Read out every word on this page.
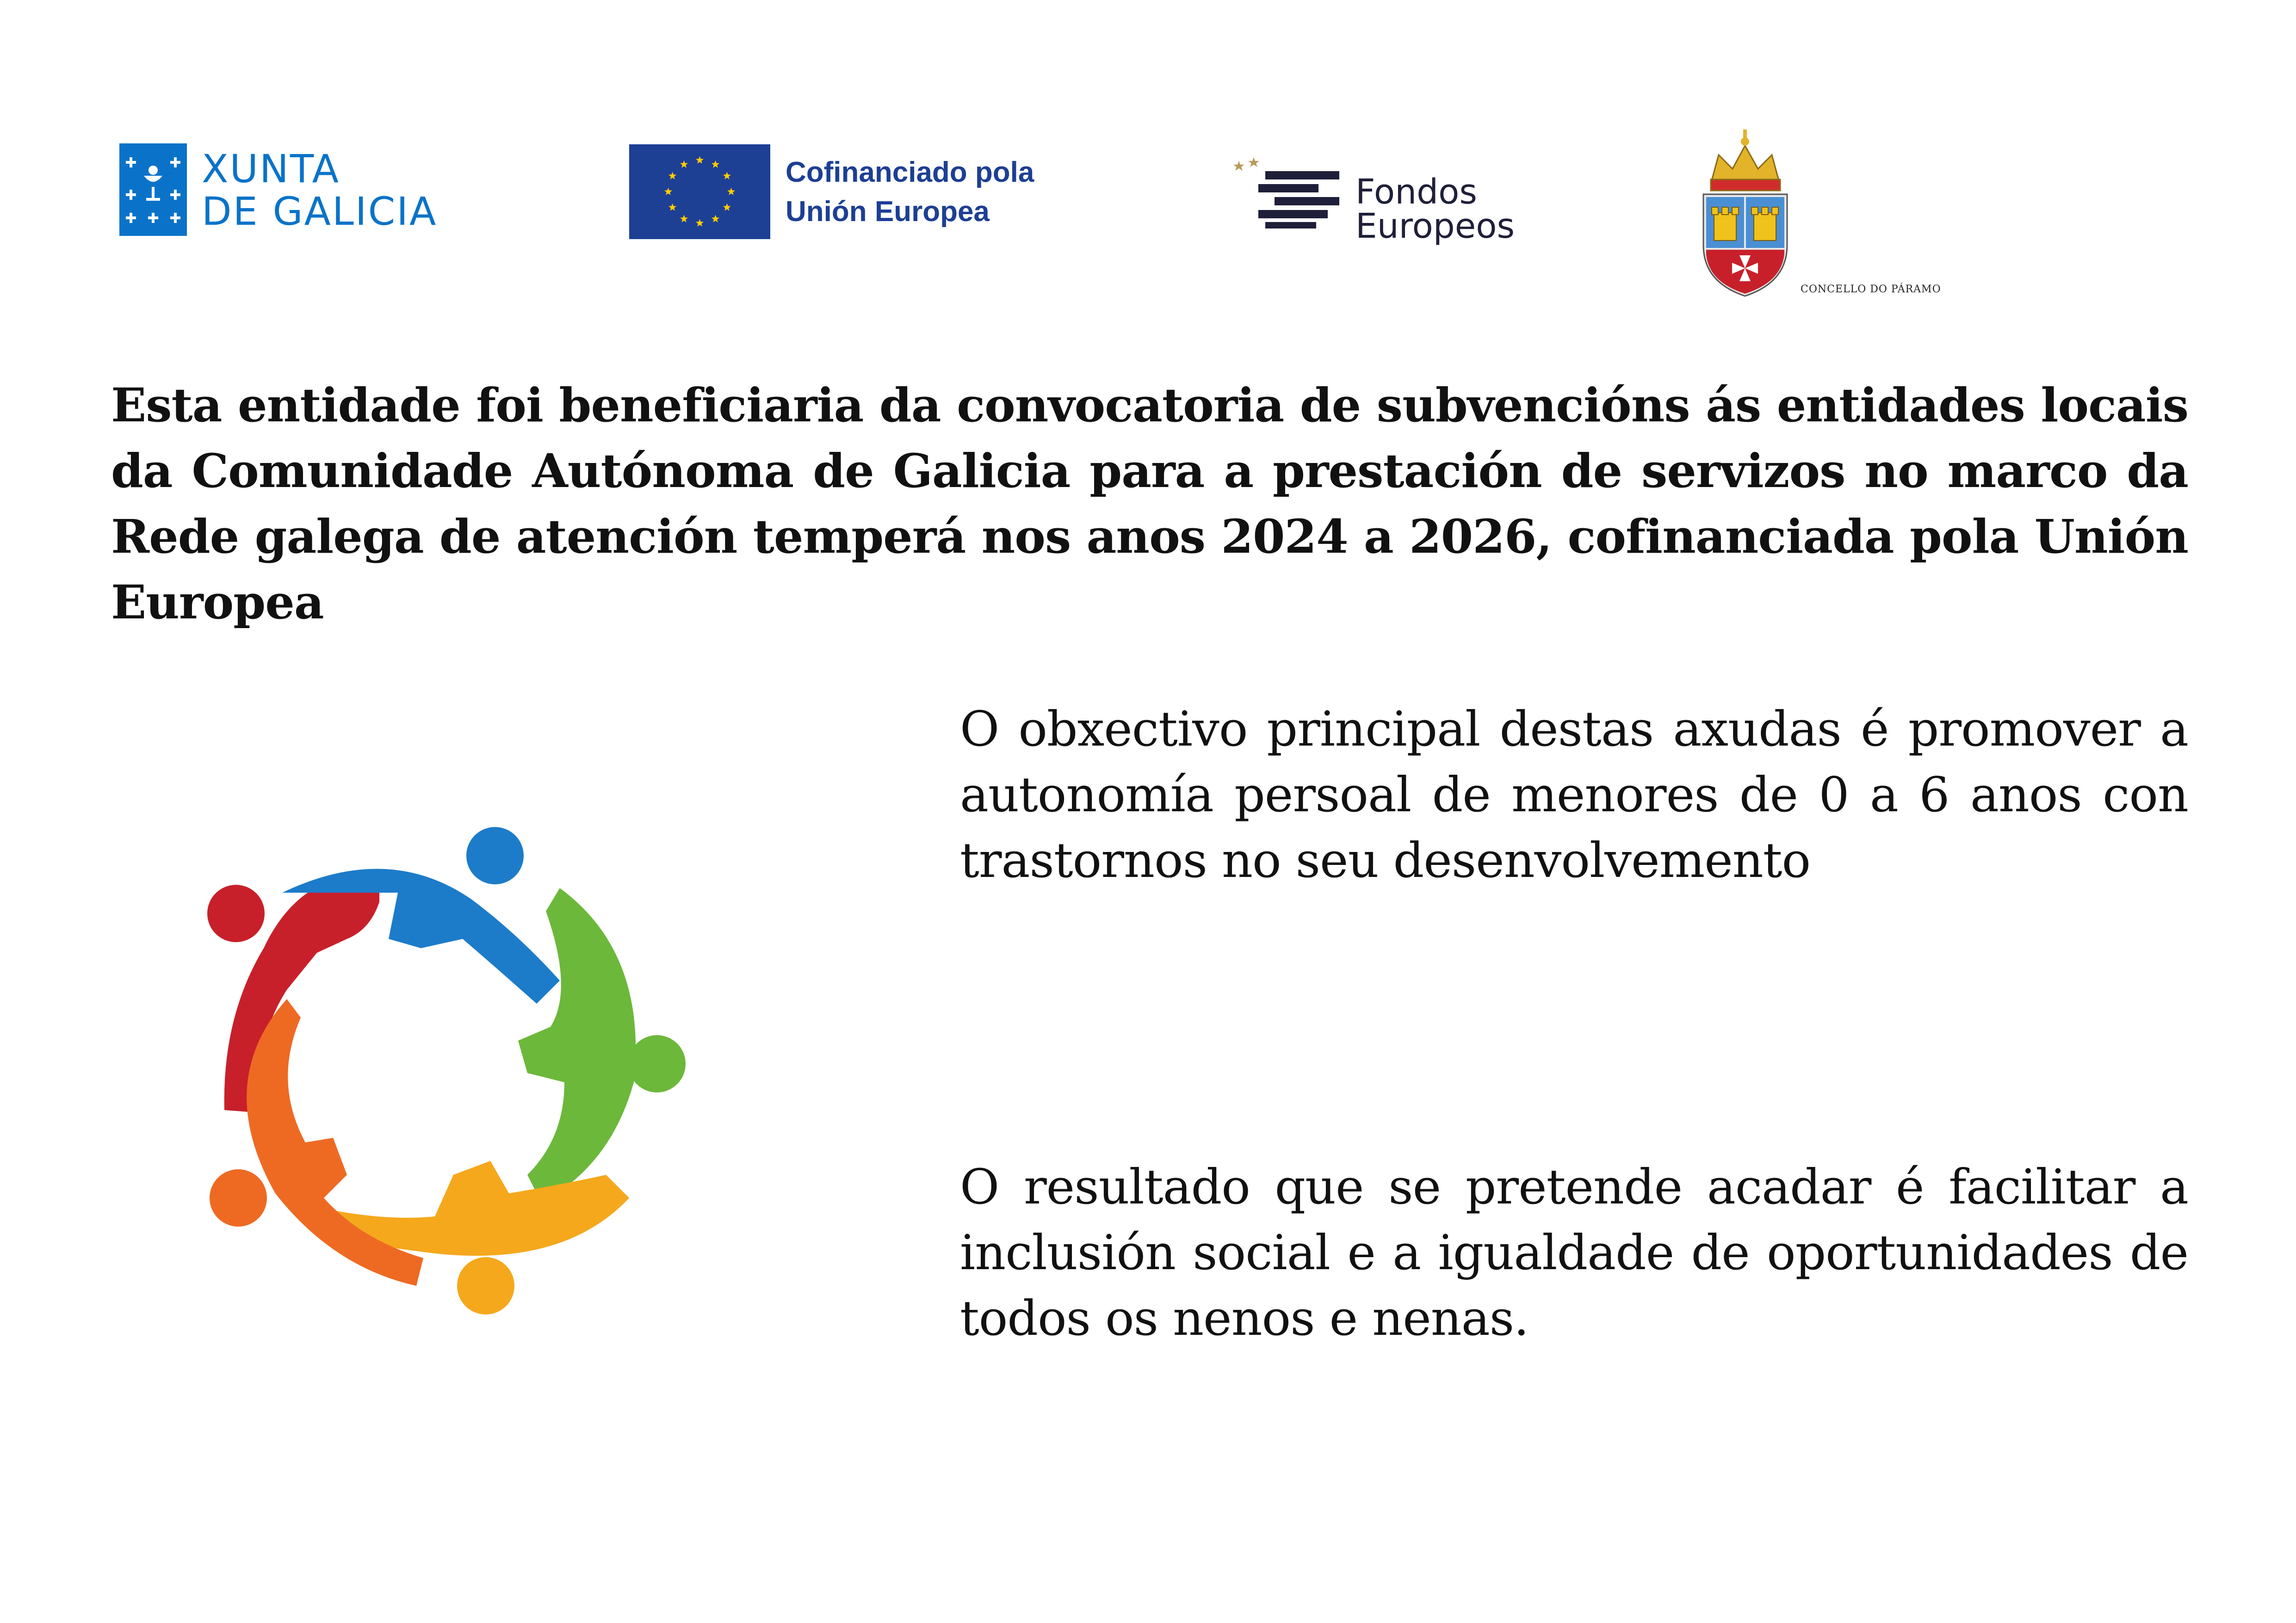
XUNTA
DE GALICIA
Cofinanciado pola
Unión Europea	Fondos Europeos
CONCELLO DO PÁRAMO
Esta entidade foi beneficiaria da convocatoria de subvencións ás entidades locais da Comunidade Autónoma de Galicia para a prestación de servizos no marco da Rede galega de atención temperá nos anos 2024 a 2026, cofinanciada pola Unión Europea
O obxectivo principal destas axudas é promover a autonomía persoal de menores de 0 a 6 anos con trastornos no seu desenvolvemento
O resultado que se pretende acadar é facilitar a inclusión social e a igualdade de oportunidades de todos os nenos e nenas.
